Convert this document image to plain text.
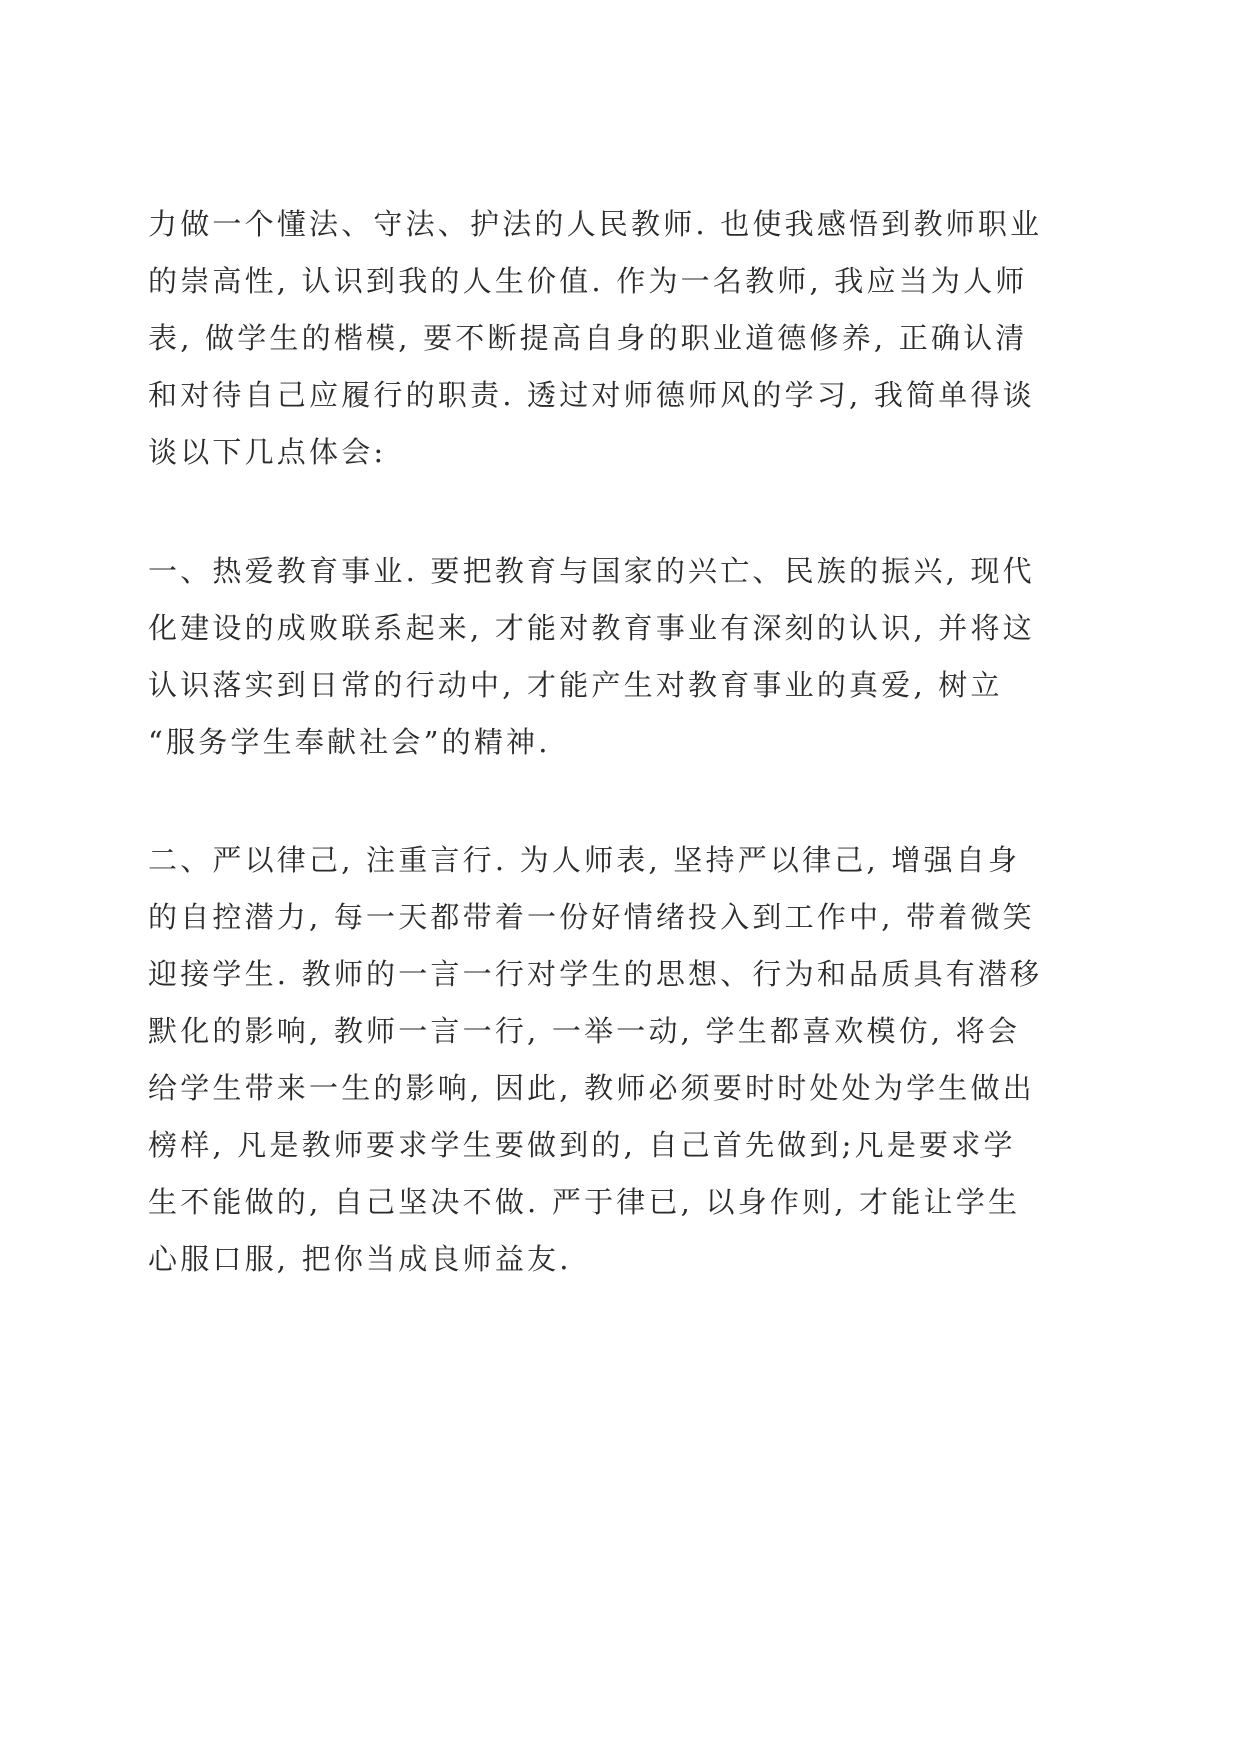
力做一个懂法、守法、护法的人民教师. 也使我感悟到教师职业
的崇高性, 认识到我的人生价值. 作为一名教师, 我应当为人师
表, 做学生的楷模, 要不断提高自身的职业道德修养, 正确认清
和对待自己应履行的职责. 透过对师德师风的学习, 我简单得谈
谈以下几点体会:
一、热爱教育事业. 要把教育与国家的兴亡、民族的振兴, 现代
化建设的成败联系起来, 才能对教育事业有深刻的认识, 并将这
认识落实到日常的行动中, 才能产生对教育事业的真爱, 树立
“服务学生奉献社会”的精神.
二、严以律己, 注重言行. 为人师表, 坚持严以律己, 增强自身
的自控潜力, 每一天都带着一份好情绪投入到工作中, 带着微笑
迎接学生. 教师的一言一行对学生的思想、行为和品质具有潜移
默化的影响, 教师一言一行, 一举一动, 学生都喜欢模仿, 将会
给学生带来一生的影响, 因此, 教师必须要时时处处为学生做出
榜样, 凡是教师要求学生要做到的, 自己首先做到;凡是要求学
生不能做的, 自己坚决不做. 严于律已, 以身作则, 才能让学生
心服口服, 把你当成良师益友.
